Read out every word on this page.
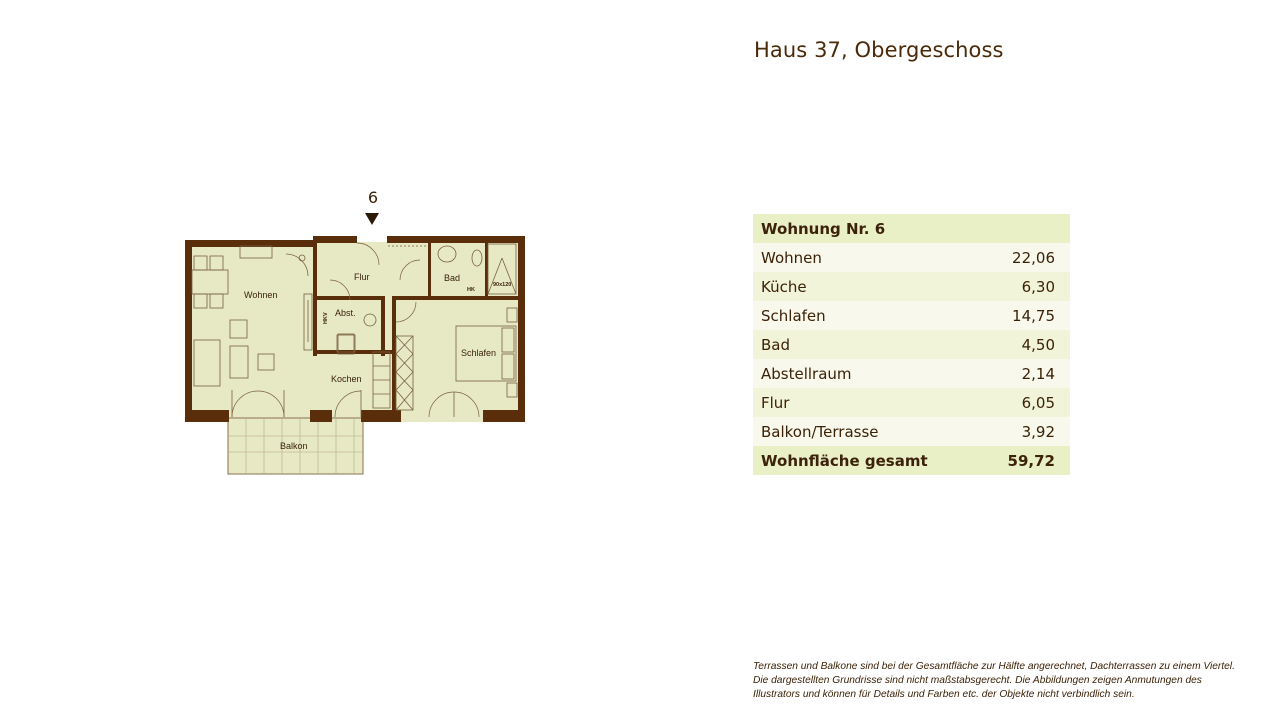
Haus 37, Obergeschoss
6
Wohnen
Flur	Bad
Abst.
HKV
HK
90x120
Schlafen
Kochen
Balkon
Wohnung Nr. 6	
Wohnen	22,06
Küche	6,30
Schlafen	14,75
Bad	4,50
Abstellraum	2,14
Flur	6,05
Balkon/Terrasse	3,92
Wohnfläche gesamt	59,72
Terrassen und Balkone sind bei der Gesamtfläche zur Hälfte angerechnet, Dachterrassen zu einem Viertel.
Die dargestellten Grundrisse sind nicht maßstabsgerecht. Die Abbildungen zeigen Anmutungen des
Illustrators und können für Details und Farben etc. der Objekte nicht verbindlich sein.
